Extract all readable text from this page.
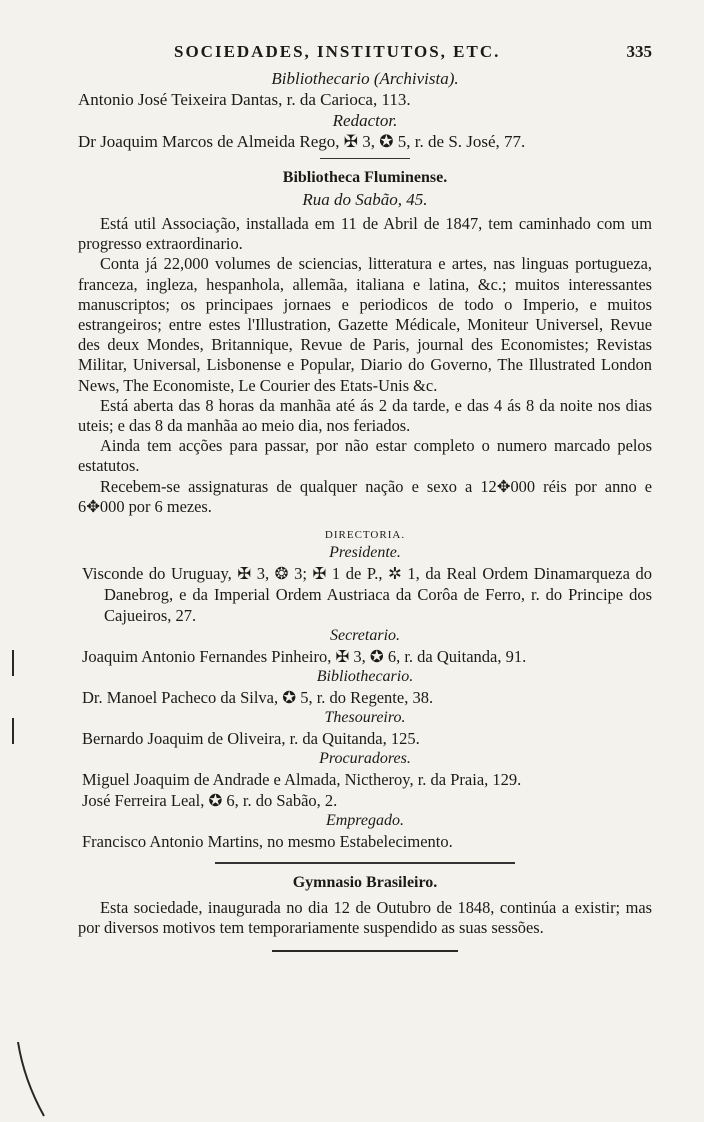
SOCIEDADES, INSTITUTOS, ETC.	335
Bibliothecario (Archivista).
Antonio José Teixeira Dantas, r. da Carioca, 113.
Redactor.
Dr Joaquim Marcos de Almeida Rego, ✠ 3, ✪ 5, r. de S. José, 77.
Bibliotheca Fluminense.
Rua do Sabão, 45.

Está util Associação, installada em 11 de Abril de 1847, tem caminhado com um progresso extraordinario.

Conta já 22,000 volumes de sciencias, litteratura e artes, nas linguas portugueza, franceza, ingleza, hespanhola, allemãa, italiana e latina, &c.; muitos interessantes manuscriptos; os principaes jornaes e periodicos de todo o Imperio, e muitos estrangeiros; entre estes l'Illustration, Gazette Médicale, Moniteur Universel, Revue des deux Mondes, Britannique, Revue de Paris, journal des Economistes; Revistas Militar, Universal, Lisbonense e Popular, Diario do Governo, The Illustrated London News, The Economiste, Le Courier des Etats-Unis &c.

Está aberta das 8 horas da manhãa até ás 2 da tarde, e das 4 ás 8 da noite nos dias uteis; e das 8 da manhãa ao meio dia, nos feriados.

Ainda tem acções para passar, por não estar completo o numero marcado pelos estatutos.

Recebem-se assignaturas de qualquer nação e sexo a 12✥000 réis por anno e 6✥000 por 6 mezes.

DIRECTORIA.
Presidente.
Visconde do Uruguay, ✠ 3, ❂ 3; ✠ 1 de P., ✲ 1, da Real Ordem Dinamarqueza do Danebrog, e da Imperial Ordem Austriaca da Corôa de Ferro, r. do Principe dos Cajueiros, 27.
Secretario.
Joaquim Antonio Fernandes Pinheiro, ✠ 3, ✪ 6, r. da Quitanda, 91.
Bibliothecario.
Dr. Manoel Pacheco da Silva, ✪ 5, r. do Regente, 38.
Thesoureiro.
Bernardo Joaquim de Oliveira, r. da Quitanda, 125.
Procuradores.
Miguel Joaquim de Andrade e Almada, Nictheroy, r. da Praia, 129.
José Ferreira Leal, ✪ 6, r. do Sabão, 2.
Empregado.
Francisco Antonio Martins, no mesmo Estabelecimento.
Gymnasio Brasileiro.

Esta sociedade, inaugurada no dia 12 de Outubro de 1848, continúa a existir; mas por diversos motivos tem temporariamente suspendido as suas sessões.
